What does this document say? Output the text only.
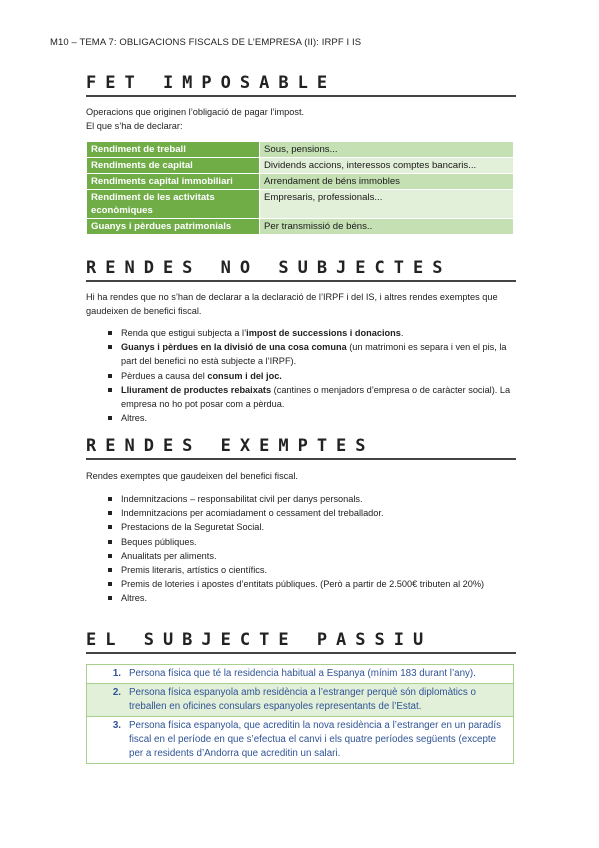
M10 – TEMA 7: OBLIGACIONS FISCALS DE L’EMPRESA (II): IRPF I IS
FET IMPOSABLE
Operacions que originen l’obligació de pagar l’impost.
El que s’ha de declarar:
Rendiment de treball	Sous, pensions...
Rendiments de capital	Dividends accions, interessos comptes bancaris...
Rendiments capital immobiliari	Arrendament de béns immobles
Rendiment de les activitats econòmiques	Empresaris, professionals...
Guanys i pèrdues patrimonials	Per transmissió de béns..
RENDES NO SUBJECTES
Hi ha rendes que no s’han de declarar a la declaració de l’IRPF i del IS, i altres rendes exemptes que gaudeixen de benefici fiscal.
Renda que estigui subjecta a l’impost de successions i donacions.
Guanys i pèrdues en la divisió de una cosa comuna (un matrimoni es separa i ven el pis, la part del benefici no està subjecte a l’IRPF).
Pèrdues a causa del consum i del joc.
Lliurament de productes rebaixats (cantines o menjadors d’empresa o de caràcter social). La empresa no ho pot posar com a pèrdua.
Altres.
RENDES EXEMPTES
Rendes exemptes que gaudeixen del benefici fiscal.
Indemnitzacions – responsabilitat civil per danys personals.
Indemnitzacions per acomiadament o cessament del treballador.
Prestacions de la Seguretat Social.
Beques públiques.
Anualitats per aliments.
Premis literaris, artístics o científics.
Premis de loteries i apostes d’entitats públiques. (Però a partir de 2.500€ tributen al 20%)
Altres.
EL SUBJECTE PASSIU
1. Persona física que té la residencia habitual a Espanya (mínim 183 durant l’any).
2. Persona física espanyola amb residència a l’estranger perquè són diplomàtics o treballen en oficines consulars espanyoles representants de l’Estat.
3. Persona física espanyola, que acreditin la nova residència a l’estranger en un paradís fiscal en el període en que s’efectua el canvi i els quatre períodes següents (excepte per a residents d’Andorra que acreditin un salari.
